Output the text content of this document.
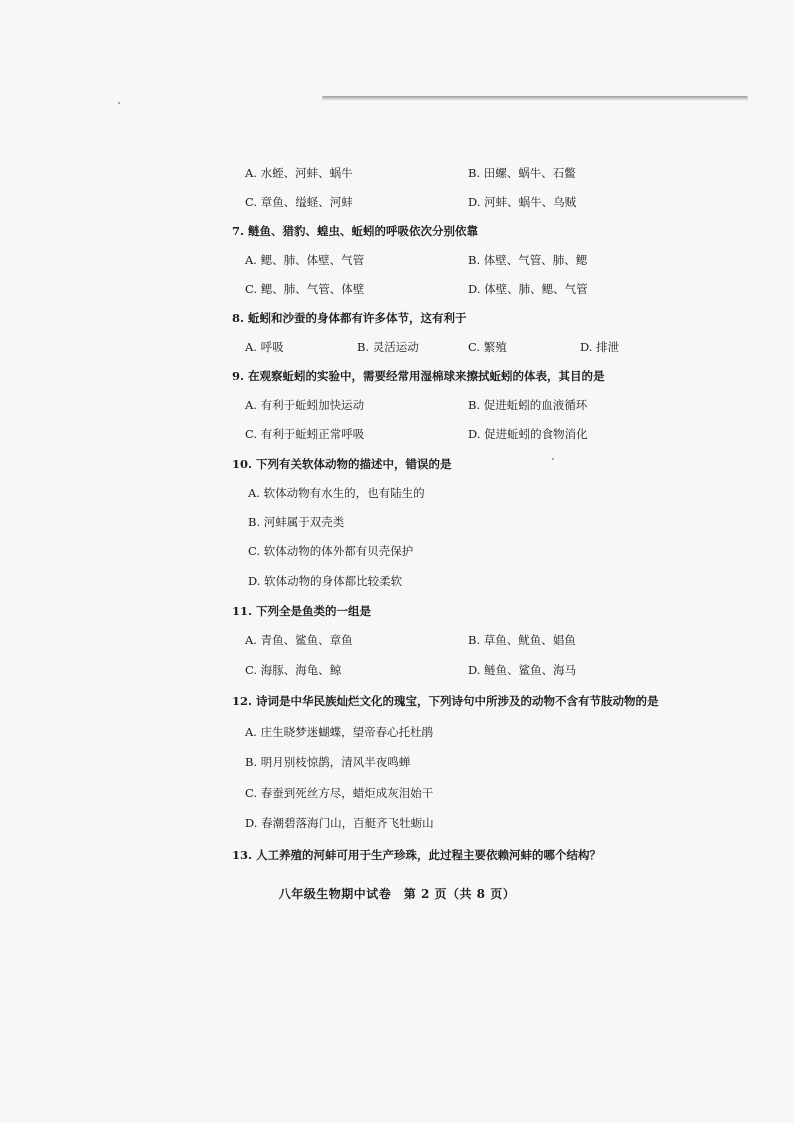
A. 水蛭、河蚌、蜗牛	B. 田螺、蜗牛、石鳖
C. 章鱼、缢蛏、河蚌	D. 河蚌、蜗牛、乌贼
7. 鲢鱼、猎豹、蝗虫、蚯蚓的呼吸依次分别依靠
A. 鳃、肺、体壁、气管	B. 体壁、气管、肺、鳃
C. 鳃、肺、气管、体壁	D. 体壁、肺、鳃、气管
8. 蚯蚓和沙蚕的身体都有许多体节，这有利于
A. 呼吸	B. 灵活运动	C. 繁殖	D. 排泄
9. 在观察蚯蚓的实验中，需要经常用湿棉球来擦拭蚯蚓的体表，其目的是
A. 有利于蚯蚓加快运动	B. 促进蚯蚓的血液循环
C. 有利于蚯蚓正常呼吸	D. 促进蚯蚓的食物消化
10. 下列有关软体动物的描述中，错误的是
A. 软体动物有水生的，也有陆生的
B. 河蚌属于双壳类
C. 软体动物的体外都有贝壳保护
D. 软体动物的身体都比较柔软
11. 下列全是鱼类的一组是
A. 青鱼、鲨鱼、章鱼	B. 草鱼、鱿鱼、娼鱼
C. 海豚、海龟、鲸	D. 鲢鱼、鲨鱼、海马
12. 诗词是中华民族灿烂文化的瑰宝，下列诗句中所涉及的动物不含有节肢动物的是
A. 庄生晓梦迷蝴蝶，望帝春心托杜鹃
B. 明月别枝惊鹊，清风半夜鸣蝉
C. 春蚕到死丝方尽，蜡炬成灰泪始干
D. 春潮碧落海门山，百艇齐飞牡蛎山
13. 人工养殖的河蚌可用于生产珍珠，此过程主要依赖河蚌的哪个结构？
八年级生物期中试卷　第 2 页（共 8 页）
